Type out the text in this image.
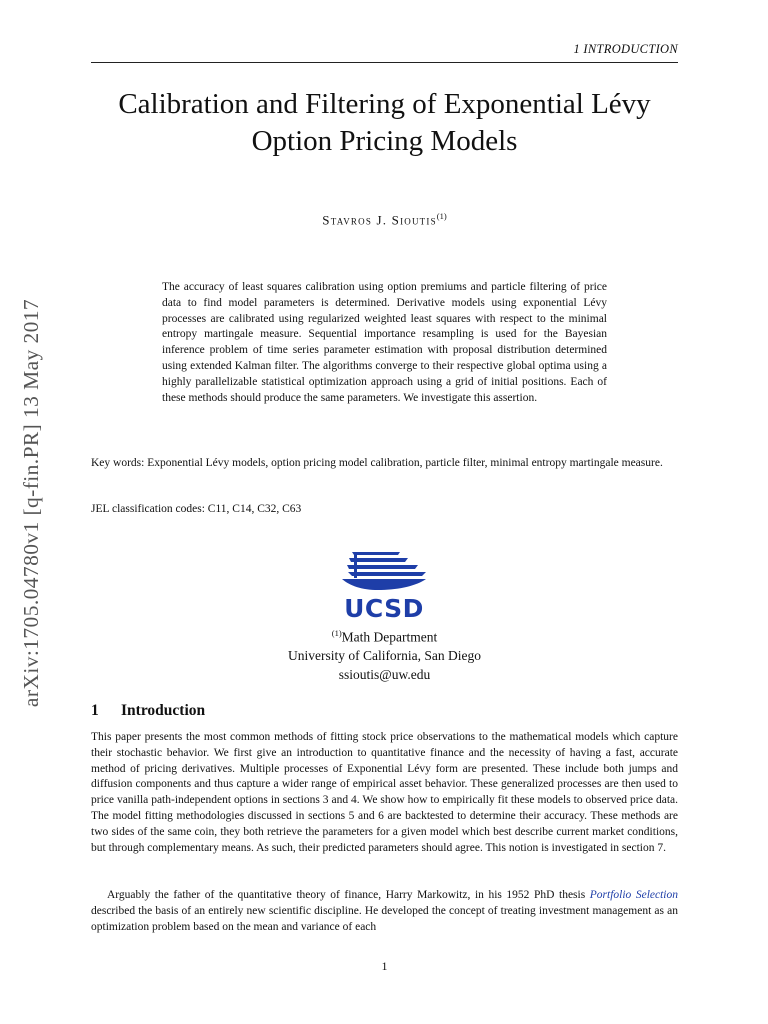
1 INTRODUCTION
arXiv:1705.04780v1 [q-fin.PR] 13 May 2017
Calibration and Filtering of Exponential Lévy
Option Pricing Models
Stavros J. Sioutis$^{(1)}$

The accuracy of least squares calibration using option premiums and particle filtering of price data to find model parameters is determined. Derivative models using exponential Lévy processes are calibrated using regularized weighted least squares with respect to the minimal entropy martingale measure. Sequential importance resampling is used for the Bayesian inference problem of time series parameter estimation with proposal distribution determined using extended Kalman filter. The algorithms converge to their respective global optima using a highly parallelizable statistical optimization approach using a grid of initial positions. Each of these methods should produce the same parameters. We investigate this assertion.

Key words: Exponential Lévy models, option pricing model calibration, particle filter, minimal entropy martingale measure.

JEL classification codes: C11, C14, C32, C63

UCSD
$^{(1)}$Math Department
University of California, San Diego
ssioutis@uw.edu
1 Introduction

This paper presents the most common methods of fitting stock price observations to the mathematical models which capture their stochastic behavior. We first give an introduction to quantitative finance and the necessity of having a fast, accurate method of pricing derivatives. Multiple processes of Exponential Lévy form are presented. These include both jumps and diffusion components and thus capture a wider range of empirical asset behavior. These generalized processes are then used to price vanilla path-independent options in sections 3 and 4. We show how to empirically fit these models to observed price data. The model fitting methodologies discussed in sections 5 and 6 are backtested to determine their accuracy. These methods are two sides of the same coin, they both retrieve the parameters for a given model which best describe current market conditions, but through complementary means. As such, their predicted parameters should agree. This notion is investigated in section 7.

Arguably the father of the quantitative theory of finance, Harry Markowitz, in his 1952 PhD thesis Portfolio Selection described the basis of an entirely new scientific discipline. He developed the concept of treating investment management as an optimization problem based on the mean and variance of each

1
